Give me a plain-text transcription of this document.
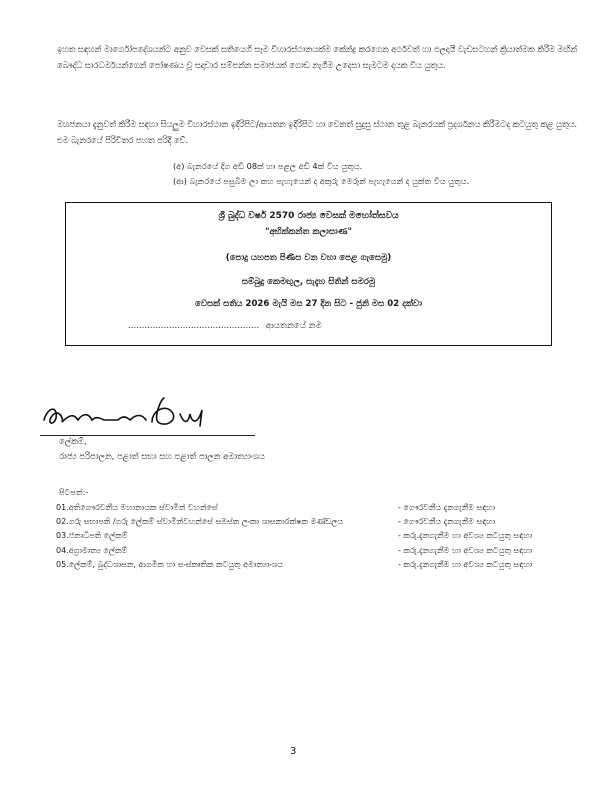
ඉහත සඳහන් මාර්ගෝපදේශයන්ට අනුව වෙසක් සතියෙහි සෑම විහාරස්ථානයක්ම කේන්ද්‍ර කරගෙන අර්ථවත් හා ඵලදායී වැඩසටහන් ක්‍රියාත්මක කිරීම මඟින් බෞද්ධ සාරධර්මයන්ගෙන් පෝෂණය වූ සදාචාර සම්පන්න සමාජයක් ගොඩ නැගීම උදෙසා සැමටම දායක විය යුතුය.

මහජනයා දැනුවත් කිරීම සඳහා සියලුම විහාරස්ථාන ඉදිරිපිට/ආයතන ඉදිරිපිට හා වෙනත් සුදුසු ස්ථාන තුළ බැනරයක් ප්‍රදර්ශනය කිරීමටද කටයුතු කළ යුතුය. එම බැනරයේ පිරිවිතර පහත පරිදි වේ.

(අ) බැනරයේ දිග අඩි 08ක් හා පළල අඩි 4ක් විය යුතුය.
(ආ) බැනරයේ පසුබිම ලා කහ පැහැයෙන් ද අකුරු මෙරූන් පැහැයෙන් ද යුක්ත විය යුතුය.
ශ්‍රී බුද්ධ වර්ෂ 2570 රාජ්‍ය වෙසක් මහෝත්සවය
"අභික්කන්ත කලාසාණ"
(පොදු යහපත පිණිස වන වහා පෙළ ගැසෙමු)
සම්බුදු කෙමඟුල, සැදැහ සිතින් සමරමු
වෙසක් සතිය 2026 මැයි මස 27 දින සිට - ජුනි මස 02 දක්වා
................................................ ආයතනයේ නම
ලේකම්,
රාජ්‍ය පරිපාලන, පළාත් සභා සහ පළාත් පාලන අමාත්‍යාංශය
පිටපත්:-
01.අතිගෞරවනීය මහානායක ස්වාමීන් වහන්සේ	- ගෞරවනීය දැනගැනීම සඳහා
02.ගරු සභාපති /ගරු ලේකම් ස්වාමීන්වහන්සේ සමස්ත ලංකා ශාසනාරක්ෂක මණ්ඩලය	- ගෞරවනීය දැනගැනීම සඳහා
03.ජනාධිපති ලේකම්	- කරු.දැනගැනීම හා අවශ්‍ය කටයුතු සඳහා
04.අග්‍රාමාත්‍ය ලේකම්	- කරු.දැනගැනීම හා අවශ්‍ය කටයුතු සඳහා
05.ලේකම්, බුද්ධශාසන, ආගමික හා සංස්කෘතික කටයුතු අමාත්‍යාංශය	- කරු.දැනගැනීම හා අවශ්‍ය කටයුතු සඳහා
3
